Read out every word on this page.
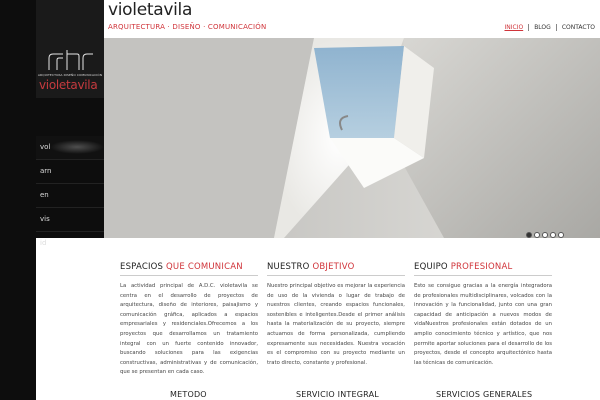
ARQUITECTURA DISEÑO COMUNICACIÓN
violetavila
vol
arn
en
vis
id
violetavila
ARQUITECTURA · DISEÑO · COMUNICACIÓN	INICIO	BLOG	CONTACTO
ESPACIOS QUE COMUNICAN

La actividad principal de A.D.C. violetavila se centra en el desarrollo de proyectos de arquitectura, diseño de interiores, paisajismo y comunicación gráfica, aplicados a espacios empresariales y residenciales.Ofrecemos a los proyectos que desarrollamos un tratamiento integral con un fuerte contenido innovador, buscando soluciones para las exigencias constructivas, administrativas y de comunicación, que se presentan en cada caso.

NUESTRO OBJETIVO

Nuestro principal objetivo es mejorar la experiencia de uso de la vivienda o lugar de trabajo de nuestros clientes, creando espacios funcionales, sostenibles e inteligentes.Desde el primer análisis hasta la materialización de su proyecto, siempre actuamos de forma personalizada, cumpliendo expresamente sus necesidades. Nuestra vocación es el compromiso con su proyecto mediante un trato directo, constante y profesional.

EQUIPO PROFESIONAL

Esto se consigue gracias a la energía integradora de profesionales multidisciplinares, volcados con la innovación y la funcionalidad, junto con una gran capacidad de anticipación a nuevos modos de vidaNuestros profesionales están dotados de un amplio conocimiento técnico y artístico, que nos permite aportar soluciones para el desarrollo de los proyectos, desde el concepto arquitectónico hasta las técnicas de comunicación.

METODO	SERVICIO INTEGRAL	SERVICIOS GENERALES
